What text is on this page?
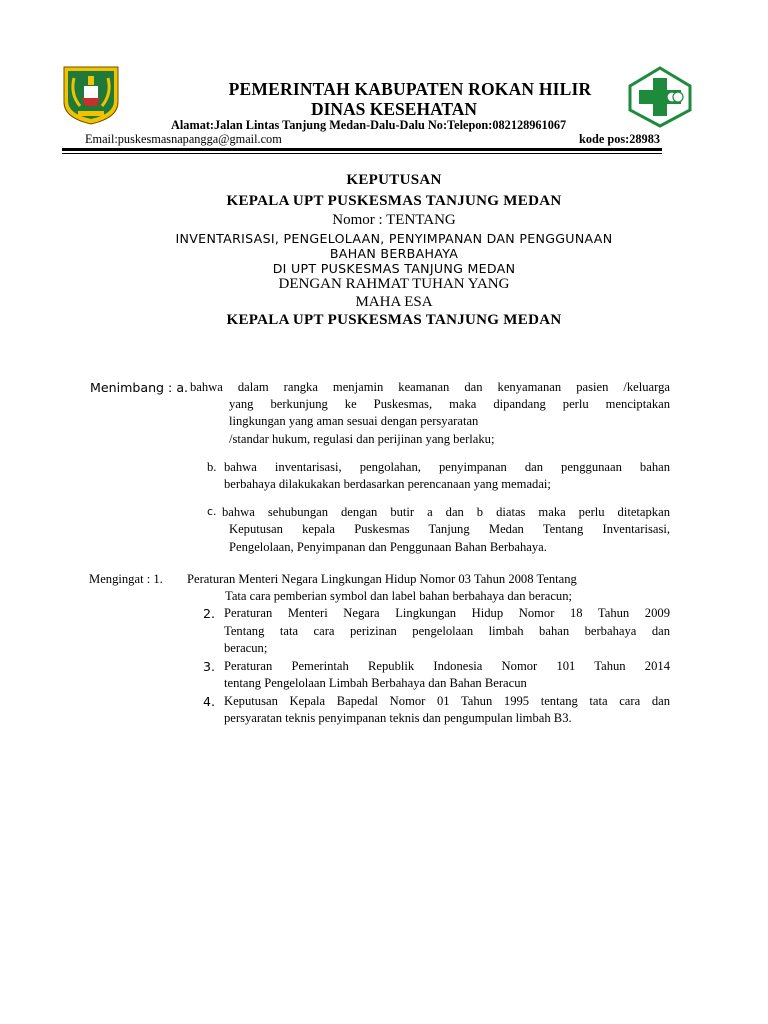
PEMERINTAH KABUPATEN ROKAN HILIR
DINAS KESEHATAN
Alamat:Jalan Lintas Tanjung Medan-Dalu-Dalu No:Telepon:082128961067
Email:puskesmasnapangga@gmail.com	kode pos:28983
KEPUTUSAN
KEPALA UPT PUSKESMAS TANJUNG MEDAN
Nomor : TENTANG
INVENTARISASI, PENGELOLAAN, PENYIMPANAN DAN PENGGUNAAN
BAHAN BERBAHAYA
DI UPT PUSKESMAS TANJUNG MEDAN
DENGAN RAHMAT TUHAN YANG
MAHA ESA
KEPALA UPT PUSKESMAS TANJUNG MEDAN
Menimbang : a. bahwa dalam rangka menjamin keamanan dan kenyamanan pasien /keluarga
yang berkunjung ke Puskesmas, maka dipandang perlu menciptakan
lingkungan yang aman sesuai dengan persyaratan
/standar hukum, regulasi dan perijinan yang berlaku;
b. bahwa inventarisasi, pengolahan, penyimpanan dan penggunaan bahan
berbahaya dilakukakan berdasarkan perencanaan yang memadai;
c. bahwa sehubungan dengan butir a dan b diatas maka perlu ditetapkan
Keputusan kepala Puskesmas Tanjung Medan Tentang Inventarisasi,
Pengelolaan, Penyimpanan dan Penggunaan Bahan Berbahaya.
Mengingat : 1. Peraturan Menteri Negara Lingkungan Hidup Nomor 03 Tahun 2008 Tentang
Tata cara pemberian symbol dan label bahan berbahaya dan beracun;
2. Peraturan Menteri Negara Lingkungan Hidup Nomor 18 Tahun 2009
Tentang tata cara perizinan pengelolaan limbah bahan berbahaya dan
beracun;
3. Peraturan Pemerintah Republik Indonesia Nomor 101 Tahun 2014
tentang Pengelolaan Limbah Berbahaya dan Bahan Beracun
4. Keputusan Kepala Bapedal Nomor 01 Tahun 1995 tentang tata cara dan
persyaratan teknis penyimpanan teknis dan pengumpulan limbah B3.
